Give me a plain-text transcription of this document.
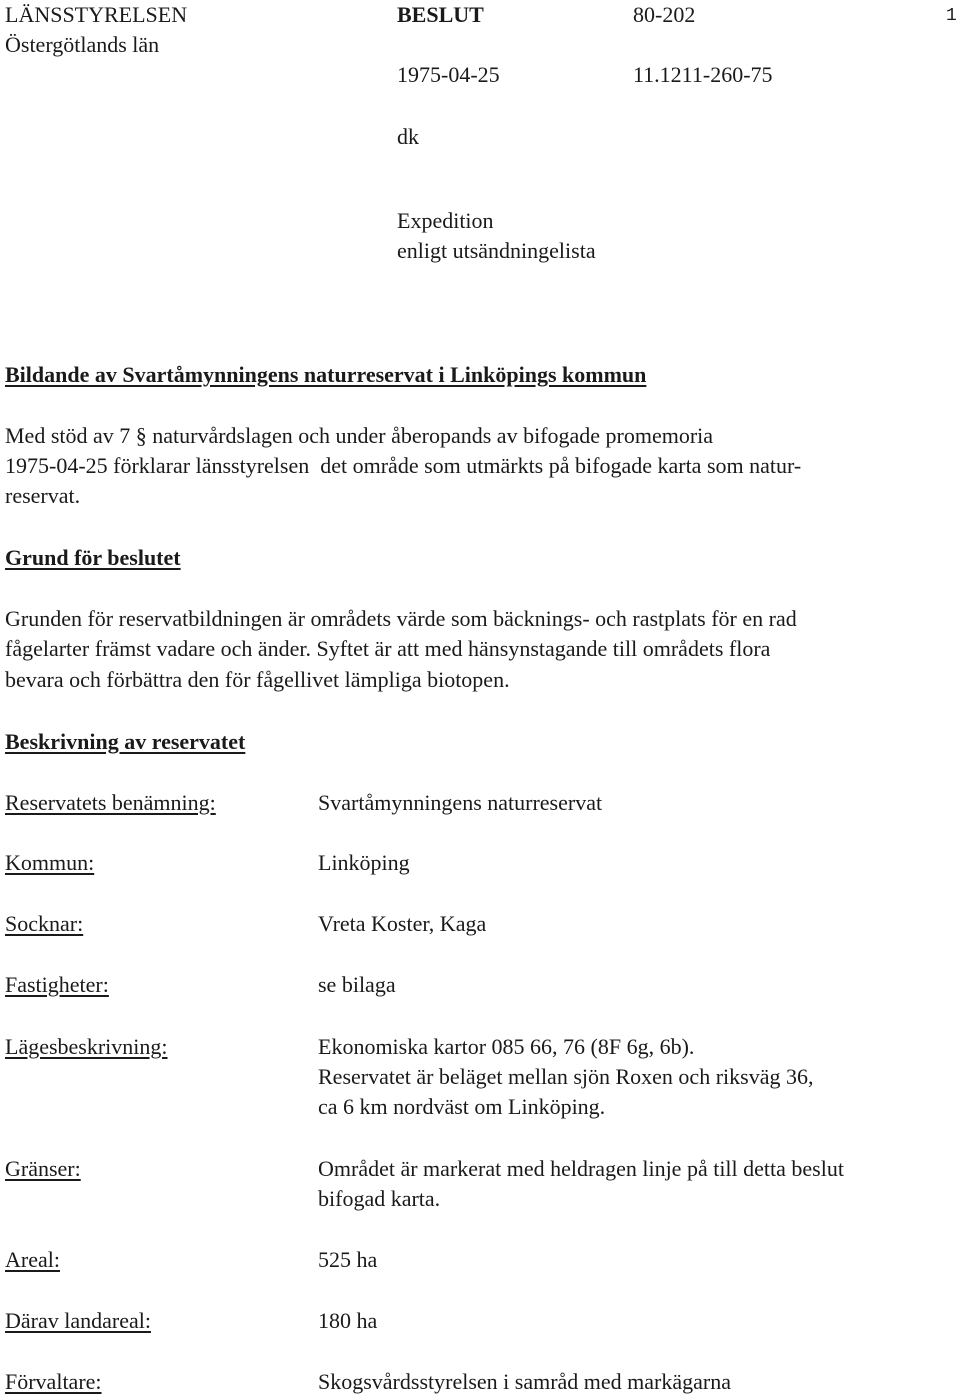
LÄNSSTYRELSEN
Östergötlands län
BESLUT	80-202	1
1975-04-25	11.1211-260-75
dk
Expedition
enligt utsändningelista
Bildande av Svartåmynningens naturreservat i Linköpings kommun
Med stöd av 7 § naturvårdslagen och under åberopands av bifogade promemoria
1975-04-25 förklarar länsstyrelsen  det område som utmärkts på bifogade karta som natur-
reservat.
Grund för beslutet
Grunden för reservatbildningen är områdets värde som bäcknings- och rastplats för en rad
fågelarter främst vadare och änder. Syftet är att med hänsynstagande till områdets flora
bevara och förbättra den för fågellivet lämpliga biotopen.
Beskrivning av reservatet
Reservatets benämning:	Svartåmynningens naturreservat
Kommun:	Linköping
Socknar:	Vreta Koster, Kaga
Fastigheter:	se bilaga
Lägesbeskrivning:	Ekonomiska kartor 085 66, 76 (8F 6g, 6b).
Reservatet är beläget mellan sjön Roxen och riksväg 36,
ca 6 km nordväst om Linköping.
Gränser:	Området är markerat med heldragen linje på till detta beslut
bifogad karta.
Areal:	525 ha
Därav landareal:	180 ha
Förvaltare:	Skogsvårdsstyrelsen i samråd med markägarna
